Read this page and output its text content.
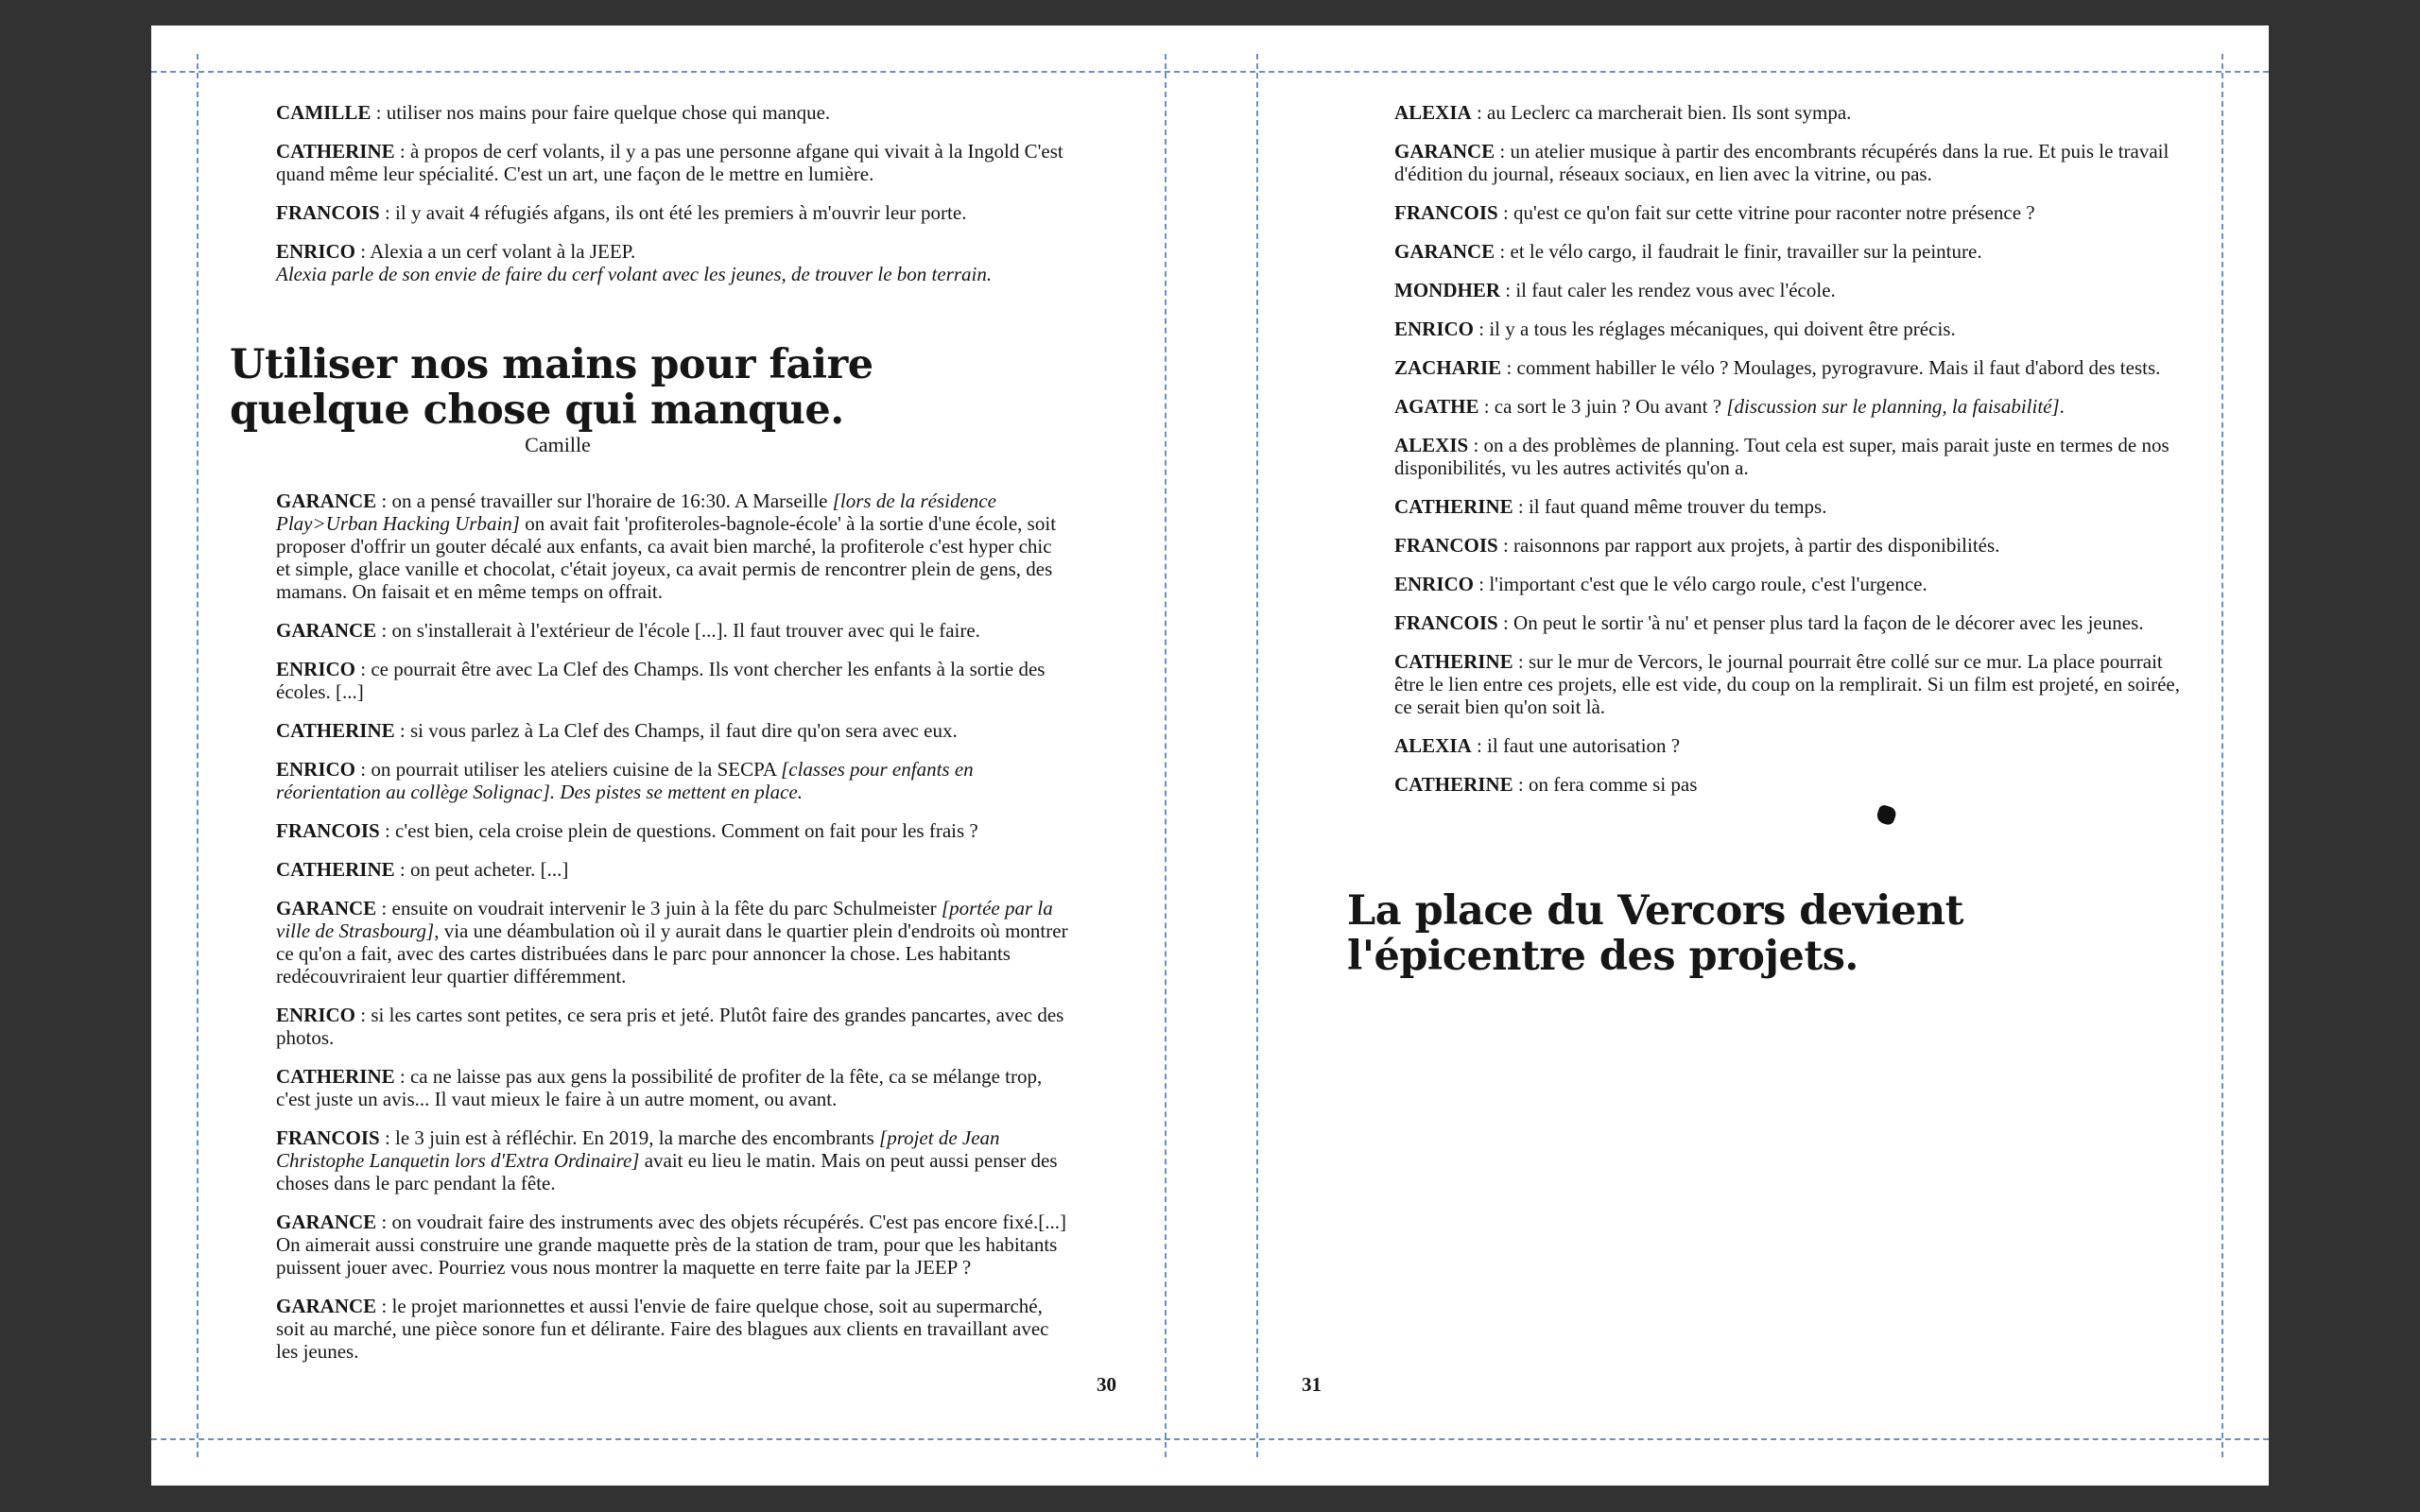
CAMILLE : utiliser nos mains pour faire quelque chose qui manque.

CATHERINE : à propos de cerf volants, il y a pas une personne afgane qui vivait à la Ingold C'est quand même leur spécialité. C'est un art, une façon de le mettre en lumière.

FRANCOIS : il y avait 4 réfugiés afgans, ils ont été les premiers à m'ouvrir leur porte.

ENRICO : Alexia a un cerf volant à la JEEP.
Alexia parle de son envie de faire du cerf volant avec les jeunes, de trouver le bon terrain.

Utiliser nos mains pour faire
quelque chose qui manque.

Camille

GARANCE : on a pensé travailler sur l'horaire de 16:30. A Marseille [lors de la résidence Play>Urban Hacking Urbain] on avait fait 'profiteroles-bagnole-école' à la sortie d'une école, soit proposer d'offrir un gouter décalé aux enfants, ca avait bien marché, la profiterole c'est hyper chic et simple, glace vanille et chocolat, c'était joyeux, ca avait permis de rencontrer plein de gens, des mamans. On faisait et en même temps on offrait.

GARANCE : on s'installerait à l'extérieur de l'école [...]. Il faut trouver avec qui le faire.

ENRICO : ce pourrait être avec La Clef des Champs. Ils vont chercher les enfants à la sortie des écoles. [...]

CATHERINE : si vous parlez à La Clef des Champs, il faut dire qu'on sera avec eux.

ENRICO : on pourrait utiliser les ateliers cuisine de la SECPA [classes pour enfants en réorientation au collège Solignac]. Des pistes se mettent en place.

FRANCOIS : c'est bien, cela croise plein de questions. Comment on fait pour les frais ?

CATHERINE : on peut acheter. [...]

GARANCE : ensuite on voudrait intervenir le 3 juin à la fête du parc Schulmeister [portée par la ville de Strasbourg], via une déambulation où il y aurait dans le quartier plein d'endroits où montrer ce qu'on a fait, avec des cartes distribuées dans le parc pour annoncer la chose. Les habitants redécouvriraient leur quartier différemment.

ENRICO : si les cartes sont petites, ce sera pris et jeté. Plutôt faire des grandes pancartes, avec des photos.

CATHERINE : ca ne laisse pas aux gens la possibilité de profiter de la fête, ca se mélange trop, c'est juste un avis... Il vaut mieux le faire à un autre moment, ou avant.

FRANCOIS : le 3 juin est à réfléchir. En 2019, la marche des encombrants [projet de Jean Christophe Lanquetin lors d'Extra Ordinaire] avait eu lieu le matin. Mais on peut aussi penser des choses dans le parc pendant la fête.

GARANCE : on voudrait faire des instruments avec des objets récupérés. C'est pas encore fixé.[...] On aimerait aussi construire une grande maquette près de la station de tram, pour que les habitants puissent jouer avec. Pourriez vous nous montrer la maquette en terre faite par la JEEP ?

GARANCE : le projet marionnettes et aussi l'envie de faire quelque chose, soit au supermarché, soit au marché, une pièce sonore fun et délirante. Faire des blagues aux clients en travaillant avec les jeunes.

30

ALEXIA : au Leclerc ca marcherait bien. Ils sont sympa.

GARANCE : un atelier musique à partir des encombrants récupérés dans la rue. Et puis le travail d'édition du journal, réseaux sociaux, en lien avec la vitrine, ou pas.

FRANCOIS : qu'est ce qu'on fait sur cette vitrine pour raconter notre présence ?

GARANCE : et le vélo cargo, il faudrait le finir, travailler sur la peinture.

MONDHER : il faut caler les rendez vous avec l'école.

ENRICO : il y a tous les réglages mécaniques, qui doivent être précis.

ZACHARIE : comment habiller le vélo ? Moulages, pyrogravure. Mais il faut d'abord des tests.

AGATHE : ca sort le 3 juin ? Ou avant ? [discussion sur le planning, la faisabilité].

ALEXIS : on a des problèmes de planning. Tout cela est super, mais parait juste en termes de nos disponibilités, vu les autres activités qu'on a.

CATHERINE : il faut quand même trouver du temps.

FRANCOIS : raisonnons par rapport aux projets, à partir des disponibilités.

ENRICO : l'important c'est que le vélo cargo roule, c'est l'urgence.

FRANCOIS : On peut le sortir 'à nu' et penser plus tard la façon de le décorer avec les jeunes.

CATHERINE : sur le mur de Vercors, le journal pourrait être collé sur ce mur. La place pourrait être le lien entre ces projets, elle est vide, du coup on la remplirait. Si un film est projeté, en soirée, ce serait bien qu'on soit là.

ALEXIA : il faut une autorisation ?

CATHERINE : on fera comme si pas

La place du Vercors devient
l'épicentre des projets.
31
